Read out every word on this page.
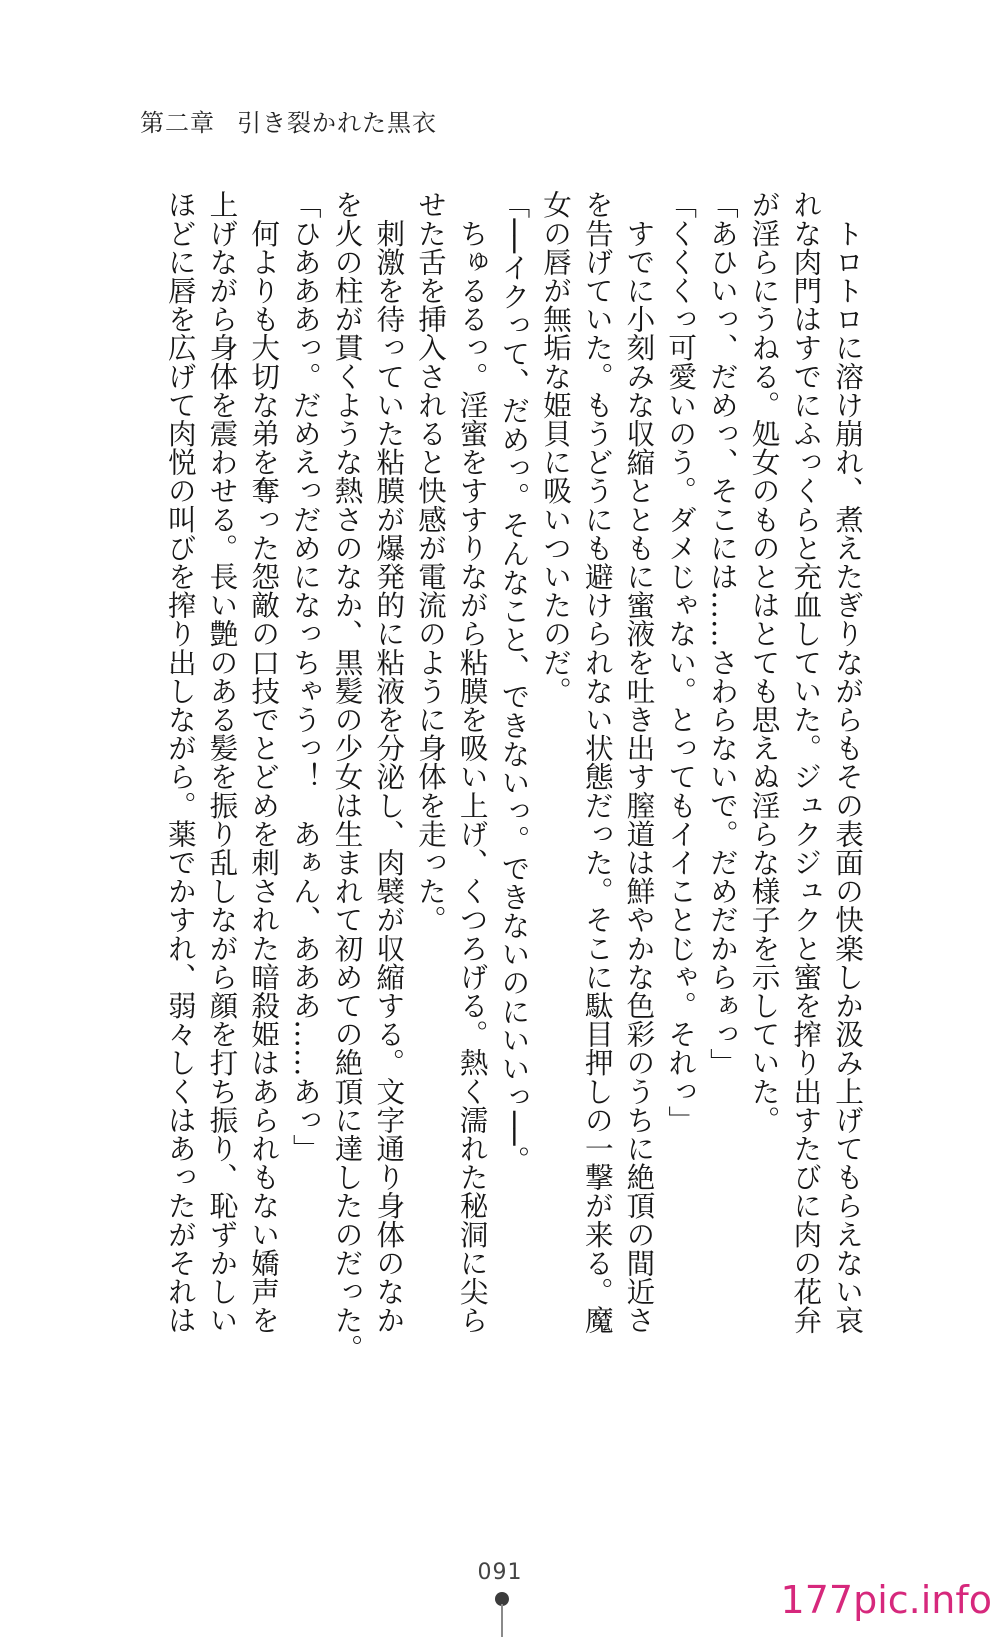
第二章 引き裂かれた黒衣

　トロトロに溶け崩れ、煮えたぎりながらもその表面の快楽しか汲み上げてもらえない哀

れな肉門はすでにふっくらと充血していた。ジュクジュクと蜜を搾り出すたびに肉の花弁

が淫らにうねる。処女のものとはとても思えぬ淫らな様子を示していた。

「あひいっ、だめっ、そこには……さわらないで。だめだからぁっ」

「くくくっ可愛いのう。ダメじゃない。とってもイイことじゃ。それっ」

　すでに小刻みな収縮とともに蜜液を吐き出す膣道は鮮やかな色彩のうちに絶頂の間近さ

を告げていた。もうどうにも避けられない状態だった。そこに駄目押しの一撃が来る。魔

女の唇が無垢な姫貝に吸いついたのだ。

「──イクって、だめっ。そんなこと、できないっ。できないのにいいっ──。

　ちゅるるっ。淫蜜をすすりながら粘膜を吸い上げ、くつろげる。熱く濡れた秘洞に尖ら

せた舌を挿入されると快感が電流のように身体を走った。

　刺激を待っていた粘膜が爆発的に粘液を分泌し、肉襞が収縮する。文字通り身体のなか

を火の柱が貫くような熱さのなか、黒髪の少女は生まれて初めての絶頂に達したのだった。

「ひあああっ。だめえっだめになっちゃうっ！　あぁん、あああ……あっ」

　何よりも大切な弟を奪った怨敵の口技でとどめを刺された暗殺姫はあられもない嬌声を

上げながら身体を震わせる。長い艶のある髪を振り乱しながら顔を打ち振り、恥ずかしい

ほどに唇を広げて肉悦の叫びを搾り出しながら。薬でかすれ、弱々しくはあったがそれは

091
177pic.info
